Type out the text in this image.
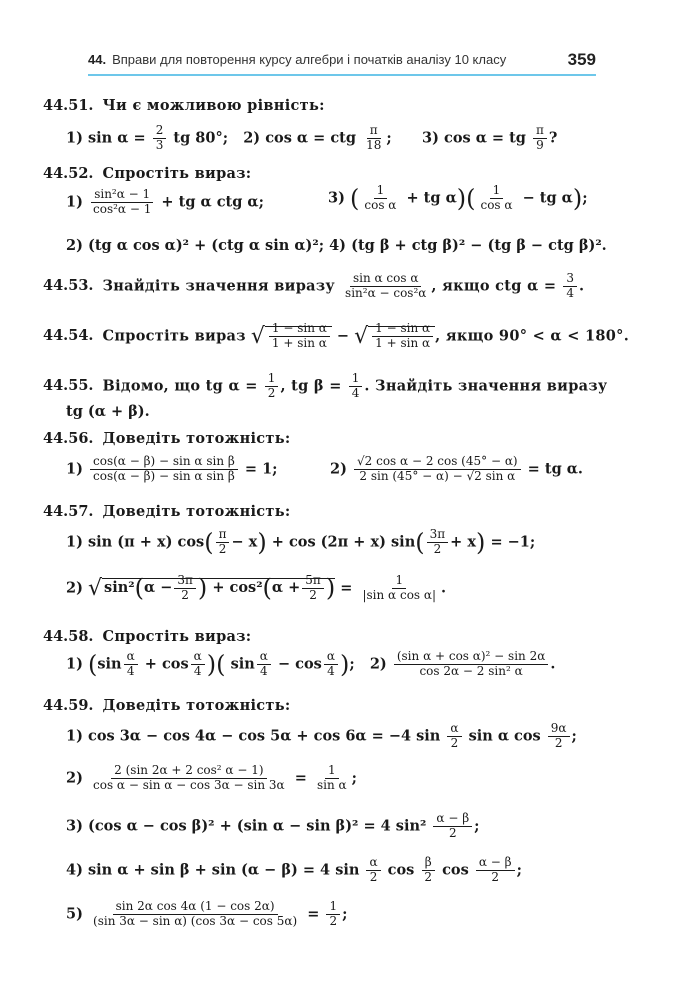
44. Вправи для повторення курсу алгебри і початків аналізу 10 класу	359
44.51. Чи є можливою рівність:
1) $\sin \alpha = \frac{2}{3}$ tg 80°; 2) cos α = ctg $\frac{\pi}{18}$ ; 3) cos α = tg $\frac{\pi}{9}$ ?
44.52. Спростіть вираз:
$1) \frac{\text{sin²α − 1}}{\text{cos²α − 1}}$ + tg α ctg α;	3) ( $\frac{1}{\text{cos α}}$ + tg $\alpha)( \frac{1}{\text{cos α}}$ − tg α);
2) (tg α cos α)² + (ctg α sin α)²; 4) (tg β + ctg β)² − (tg β − ctg β)².
44.53. Знайдіть значення виразу $\frac{\text{sin α cos α}}{\text{sin²α − cos²α}}$ , якщо ctg $\alpha = \frac{3}{4}$ .
44.54. Спростіть вираз √ $\frac{\text{1 − sin α}}{\text{1 + sin α}}$ − √ $\frac{\text{1 − sin α}}{\text{1 + sin α}}$ , якщо 90° < α < 180°.
44.55. Відомо, що tg $\alpha = \frac{1}{2}$ , tg $\beta = \frac{1}{4}$ . Знайдіть значення виразу
tg (α + β).
44.56. Доведіть тотожність:
$1) \frac{\text{cos(α − β) − sin α sin β}}{\text{cos(α − β) − sin α sin β}} = 1$;	$2) \frac{\text{√2 cos α − 2 cos (45° − α)}}{\text{2 sin (45° − α) − √2 sin α}}$ = tg α.
44.57. Доведіть тотожність:
1) sin (π + x) $\cos( \frac{\pi}{2} - x) + \cos (2\pi + x)$ $\sin( \frac{3\pi}{2} + x) = -1$;
2) √ $\sin^2(\alpha - \frac{3\pi}{2}$ ) + $\cos^2(\alpha + \frac{5\pi}{2}$ ) = $\frac{1}{\text{|sin α cos α|}}$ .
44.58. Спростіть вираз:
1) ($\sin \frac{\alpha}{4} + \cos \frac{\alpha}{4}$ )( $\sin \frac{\alpha}{4} - \cos \frac{\alpha}{4}$ ); $2) \frac{\text{(sin α + cos α)² − sin 2α}}{\text{cos 2α − 2 sin² α}}$ .
44.59. Доведіть тотожність:
1) cos 3α − cos 4α − cos 5α + cos 6α = −4 $\sin \frac{\alpha}{2}$ sin α $\cos \frac{9\alpha}{2}$ ;
$2) \frac{\text{2 (sin 2α + 2 cos² α − 1)}}{\text{cos α − sin α − cos 3α − sin 3α}} = \frac{1}{\text{sin α}}$ ;
3) (cos α − cos β)² + (sin α − sin β)² = 4 $\sin^2 \frac{\alpha - \beta}{2}$ ;
4) sin α + sin β + sin (α − β) = 4 $\sin \frac{\alpha}{2}$ $\cos \frac{\beta}{2}$ $\cos \frac{\alpha - \beta}{2}$ ;
$5) \frac{\text{sin 2α cos 4α (1 − cos 2α)}}{\text{(sin 3α − sin α) (cos 3α − cos 5α)}} = \frac{1}{2}$ ;
